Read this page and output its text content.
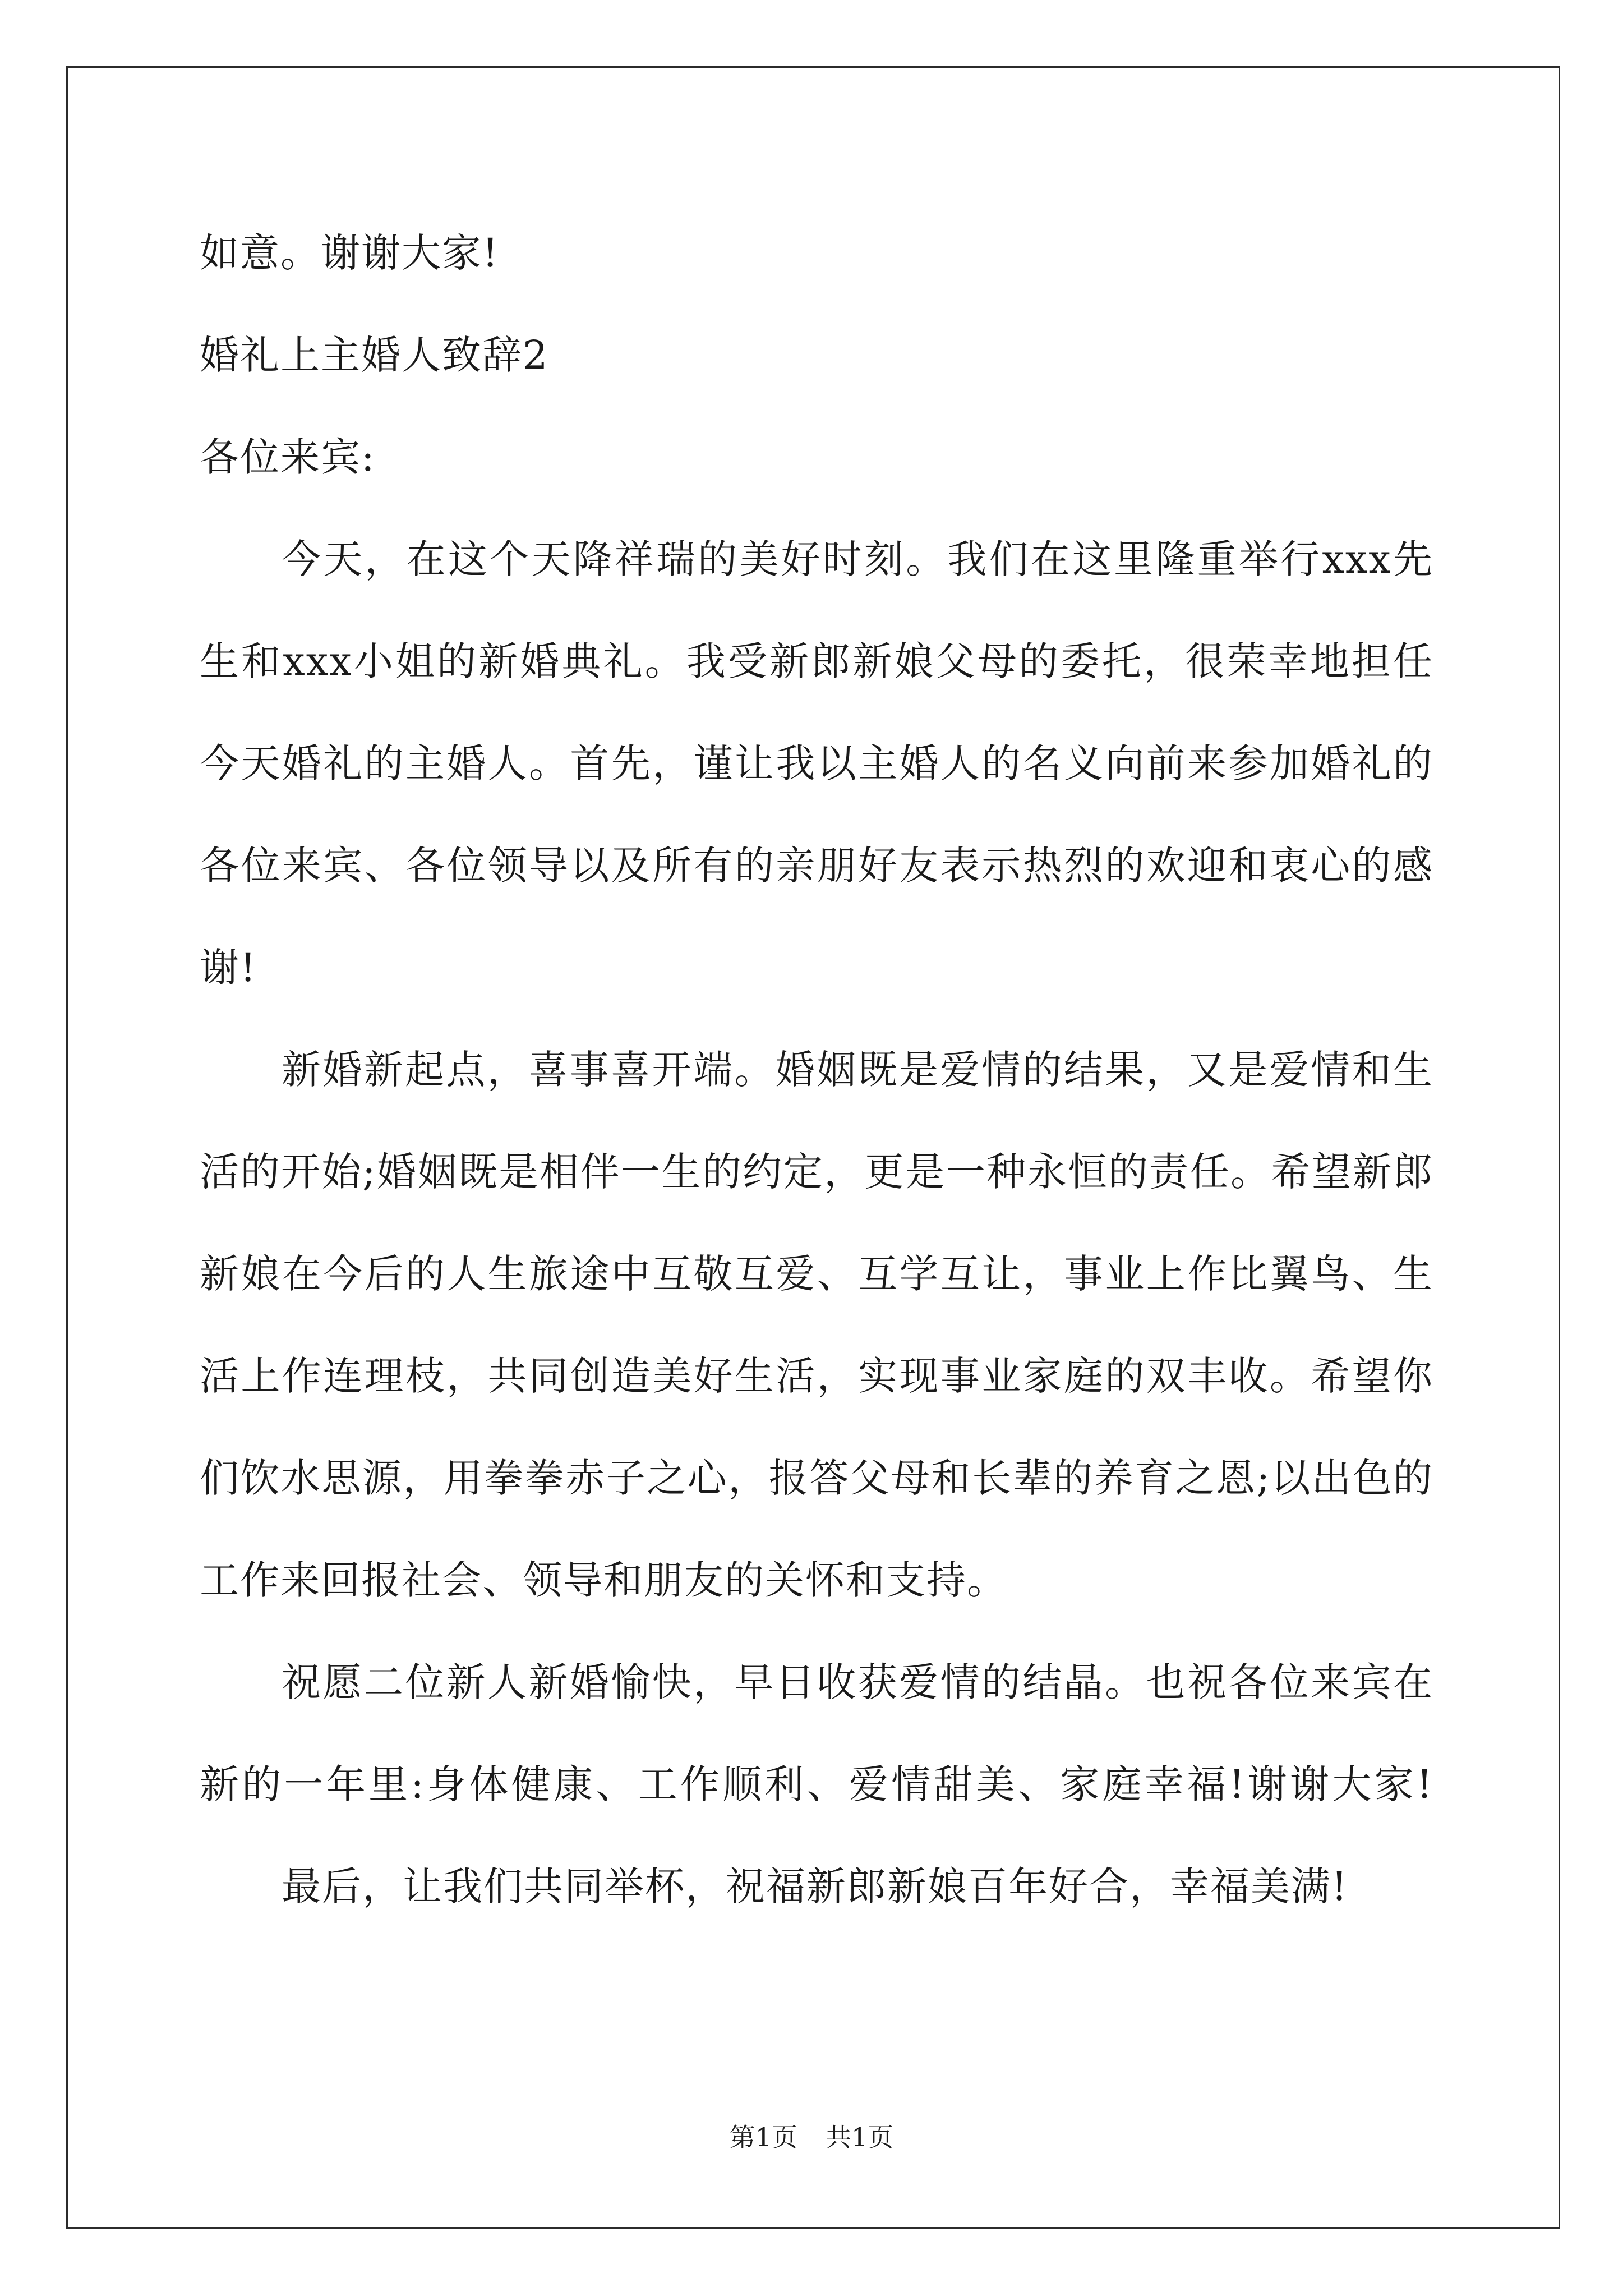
如意。谢谢大家!
婚礼上主婚人致辞2
各位来宾:
今天，在这个天降祥瑞的美好时刻。我们在这里隆重举行xxx先
生和xxx小姐的新婚典礼。我受新郎新娘父母的委托，很荣幸地担任
今天婚礼的主婚人。首先，谨让我以主婚人的名义向前来参加婚礼的
各位来宾、各位领导以及所有的亲朋好友表示热烈的欢迎和衷心的感
谢!
新婚新起点，喜事喜开端。婚姻既是爱情的结果，又是爱情和生
活的开始;婚姻既是相伴一生的约定，更是一种永恒的责任。希望新郎
新娘在今后的人生旅途中互敬互爱、互学互让，事业上作比翼鸟、生
活上作连理枝，共同创造美好生活，实现事业家庭的双丰收。希望你
们饮水思源，用拳拳赤子之心，报答父母和长辈的养育之恩;以出色的
工作来回报社会、领导和朋友的关怀和支持。
祝愿二位新人新婚愉快，早日收获爱情的结晶。也祝各位来宾在
新的一年里:身体健康、工作顺利、爱情甜美、家庭幸福!谢谢大家!
最后，让我们共同举杯，祝福新郎新娘百年好合，幸福美满!
第1页 共1页
